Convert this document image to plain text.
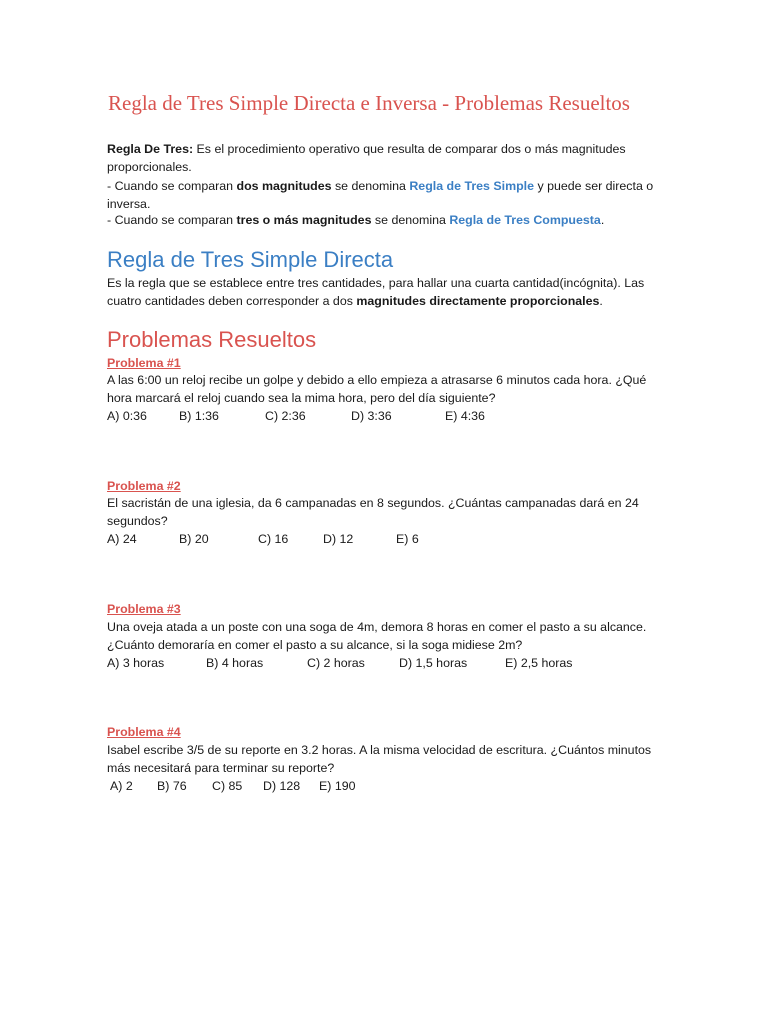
Regla de Tres Simple Directa e Inversa - Problemas Resueltos

Regla De Tres: Es el procedimiento operativo que resulta de comparar dos o más magnitudes proporcionales.

- Cuando se comparan dos magnitudes se denomina Regla de Tres Simple y puede ser directa o inversa.

- Cuando se comparan tres o más magnitudes se denomina Regla de Tres Compuesta.

Regla de Tres Simple Directa

Es la regla que se establece entre tres cantidades, para hallar una cuarta cantidad(incógnita). Las cuatro cantidades deben corresponder a dos magnitudes directamente proporcionales.

Problemas Resueltos
Problema #1

A las 6:00 un reloj recibe un golpe y debido a ello empieza a atrasarse 6 minutos cada hora. ¿Qué hora marcará el reloj cuando sea la mima hora, pero del día siguiente?

A) 0:36	B) 1:36	C) 2:36	D) 3:36	E) 4:36
Problema #2

El sacristán de una iglesia, da 6 campanadas en 8 segundos. ¿Cuántas campanadas dará en 24 segundos?

A) 24	B) 20	C) 16	D) 12	E) 6
Problema #3

Una oveja atada a un poste con una soga de 4m, demora 8 horas en comer el pasto a su alcance. ¿Cuánto demoraría en comer el pasto a su alcance, si la soga midiese 2m?

A) 3 horas	B) 4 horas	C) 2 horas	D) 1,5 horas	E) 2,5 horas
Problema #4

Isabel escribe 3/5 de su reporte en 3.2 horas. A la misma velocidad de escritura. ¿Cuántos minutos más necesitará para terminar su reporte?

A) 2 B) 76 C) 85 D) 128 E) 190
